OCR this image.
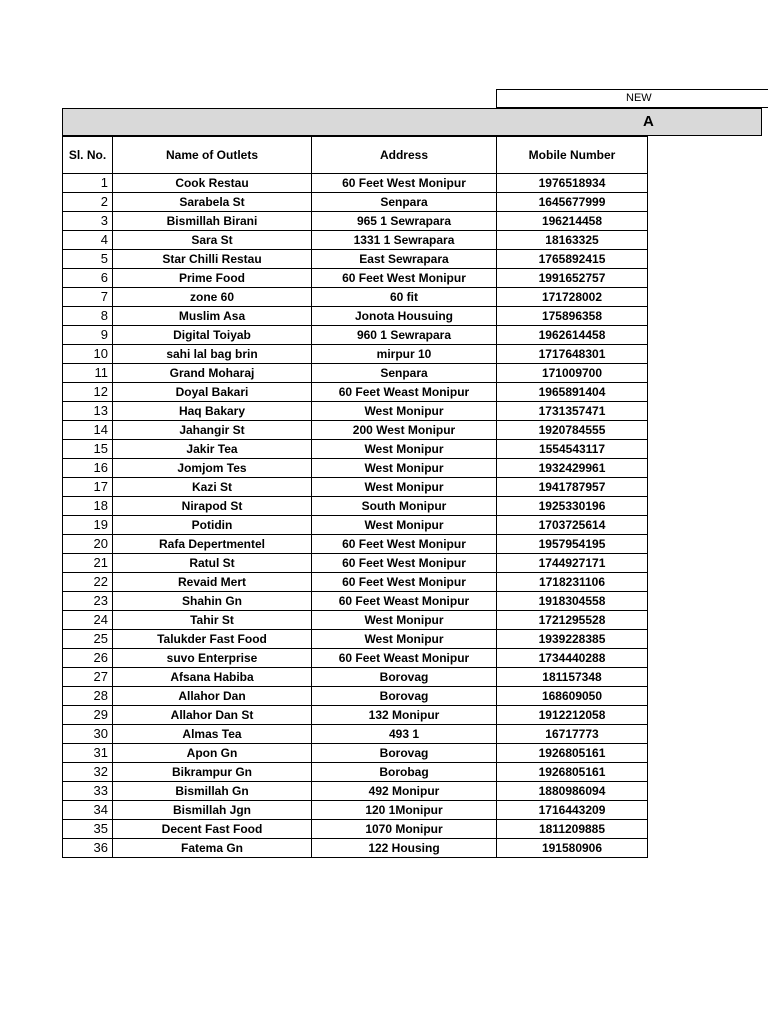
NEW
A
Sl. No.	Name of Outlets	Address	Mobile Number
1	Cook Restau	60 Feet West Monipur	1976518934
2	Sarabela St	Senpara	1645677999
3	Bismillah Birani	965 1 Sewrapara	196214458
4	Sara St	1331 1 Sewrapara	18163325
5	Star Chilli Restau	East Sewrapara	1765892415
6	Prime Food	60 Feet West Monipur	1991652757
7	zone 60	60 fit	171728002
8	Muslim Asa	Jonota Housuing	175896358
9	Digital Toiyab	960 1 Sewrapara	1962614458
10	sahi lal bag brin	mirpur 10	1717648301
11	Grand Moharaj	Senpara	171009700
12	Doyal Bakari	60 Feet Weast Monipur	1965891404
13	Haq Bakary	West Monipur	1731357471
14	Jahangir St	200 West Monipur	1920784555
15	Jakir Tea	West Monipur	1554543117
16	Jomjom Tes	West Monipur	1932429961
17	Kazi St	West Monipur	1941787957
18	Nirapod St	South Monipur	1925330196
19	Potidin	West Monipur	1703725614
20	Rafa Depertmentel	60 Feet West Monipur	1957954195
21	Ratul St	60 Feet West Monipur	1744927171
22	Revaid Mert	60 Feet West Monipur	1718231106
23	Shahin Gn	60 Feet Weast Monipur	1918304558
24	Tahir St	West Monipur	1721295528
25	Talukder Fast Food	West Monipur	1939228385
26	suvo Enterprise	60 Feet Weast Monipur	1734440288
27	Afsana Habiba	Borovag	181157348
28	Allahor Dan	Borovag	168609050
29	Allahor Dan St	132 Monipur	1912212058
30	Almas Tea	493 1	16717773
31	Apon Gn	Borovag	1926805161
32	Bikrampur Gn	Borobag	1926805161
33	Bismillah Gn	492 Monipur	1880986094
34	Bismillah Jgn	120 1Monipur	1716443209
35	Decent Fast Food	1070 Monipur	1811209885
36	Fatema Gn	122 Housing	191580906
